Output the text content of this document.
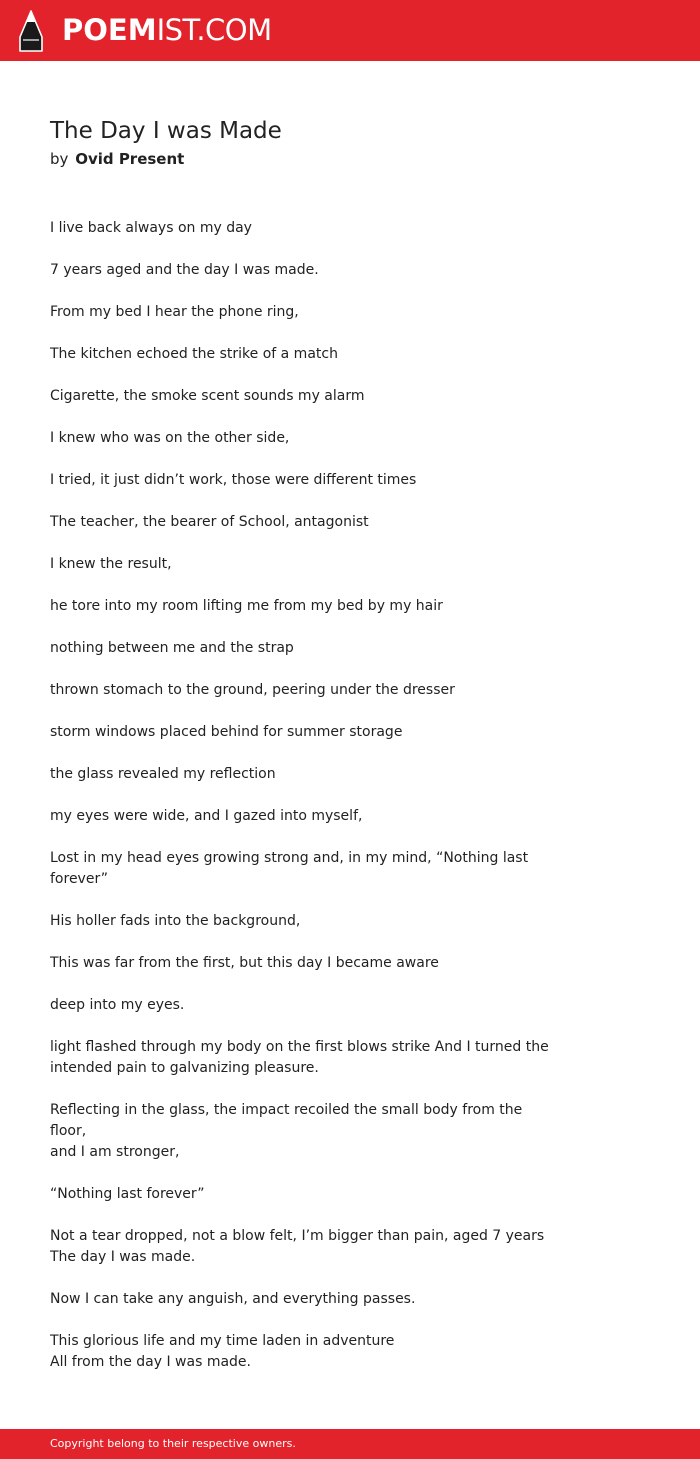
POEMIST.COM
The Day I was Made
by Ovid Present

I live back always on my day

7 years aged and the day I was made.

From my bed I hear the phone ring,

The kitchen echoed the strike of a match

Cigarette, the smoke scent sounds my alarm

I knew who was on the other side,

I tried, it just didn’t work, those were different times

The teacher, the bearer of School, antagonist

I knew the result,

he tore into my room lifting me from my bed by my hair

nothing between me and the strap

thrown stomach to the ground, peering under the dresser

storm windows placed behind for summer storage

the glass revealed my reflection

my eyes were wide, and I gazed into myself,

Lost in my head eyes growing strong and, in my mind, “Nothing last
forever”

His holler fads into the background,

This was far from the first, but this day I became aware

deep into my eyes.

light flashed through my body on the first blows strike And I turned the
intended pain to galvanizing pleasure.

Reflecting in the glass, the impact recoiled the small body from the floor,
and I am stronger,

“Nothing last forever”

Not a tear dropped, not a blow felt, I’m bigger than pain, aged 7 years
The day I was made.

Now I can take any anguish, and everything passes.

This glorious life and my time laden in adventure
All from the day I was made.

Copyright belong to their respective owners.
